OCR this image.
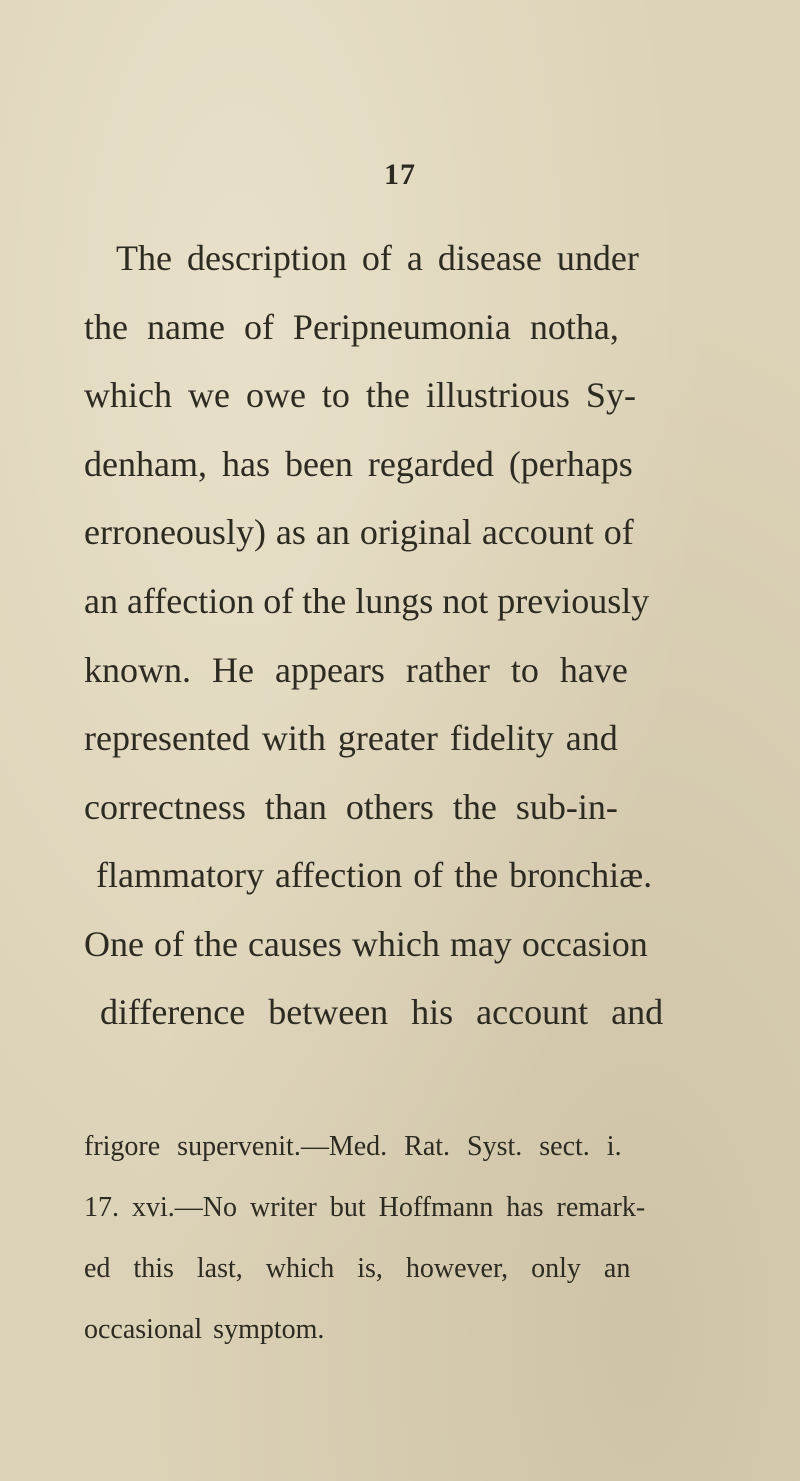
17
The description of a disease under
the name of Peripneumonia notha,
which we owe to the illustrious Sy-
denham, has been regarded (perhaps
erroneously) as an original account of
an affection of the lungs not previously
known. He appears rather to have
represented with greater fidelity and
correctness than others the sub-in-
flammatory affection of the bronchiæ.
One of the causes which may occasion
difference between his account and
frigore supervenit.—Med. Rat. Syst. sect. i.
17. xvi.—No writer but Hoffmann has remark-
ed this last, which is, however, only an
occasional symptom.
